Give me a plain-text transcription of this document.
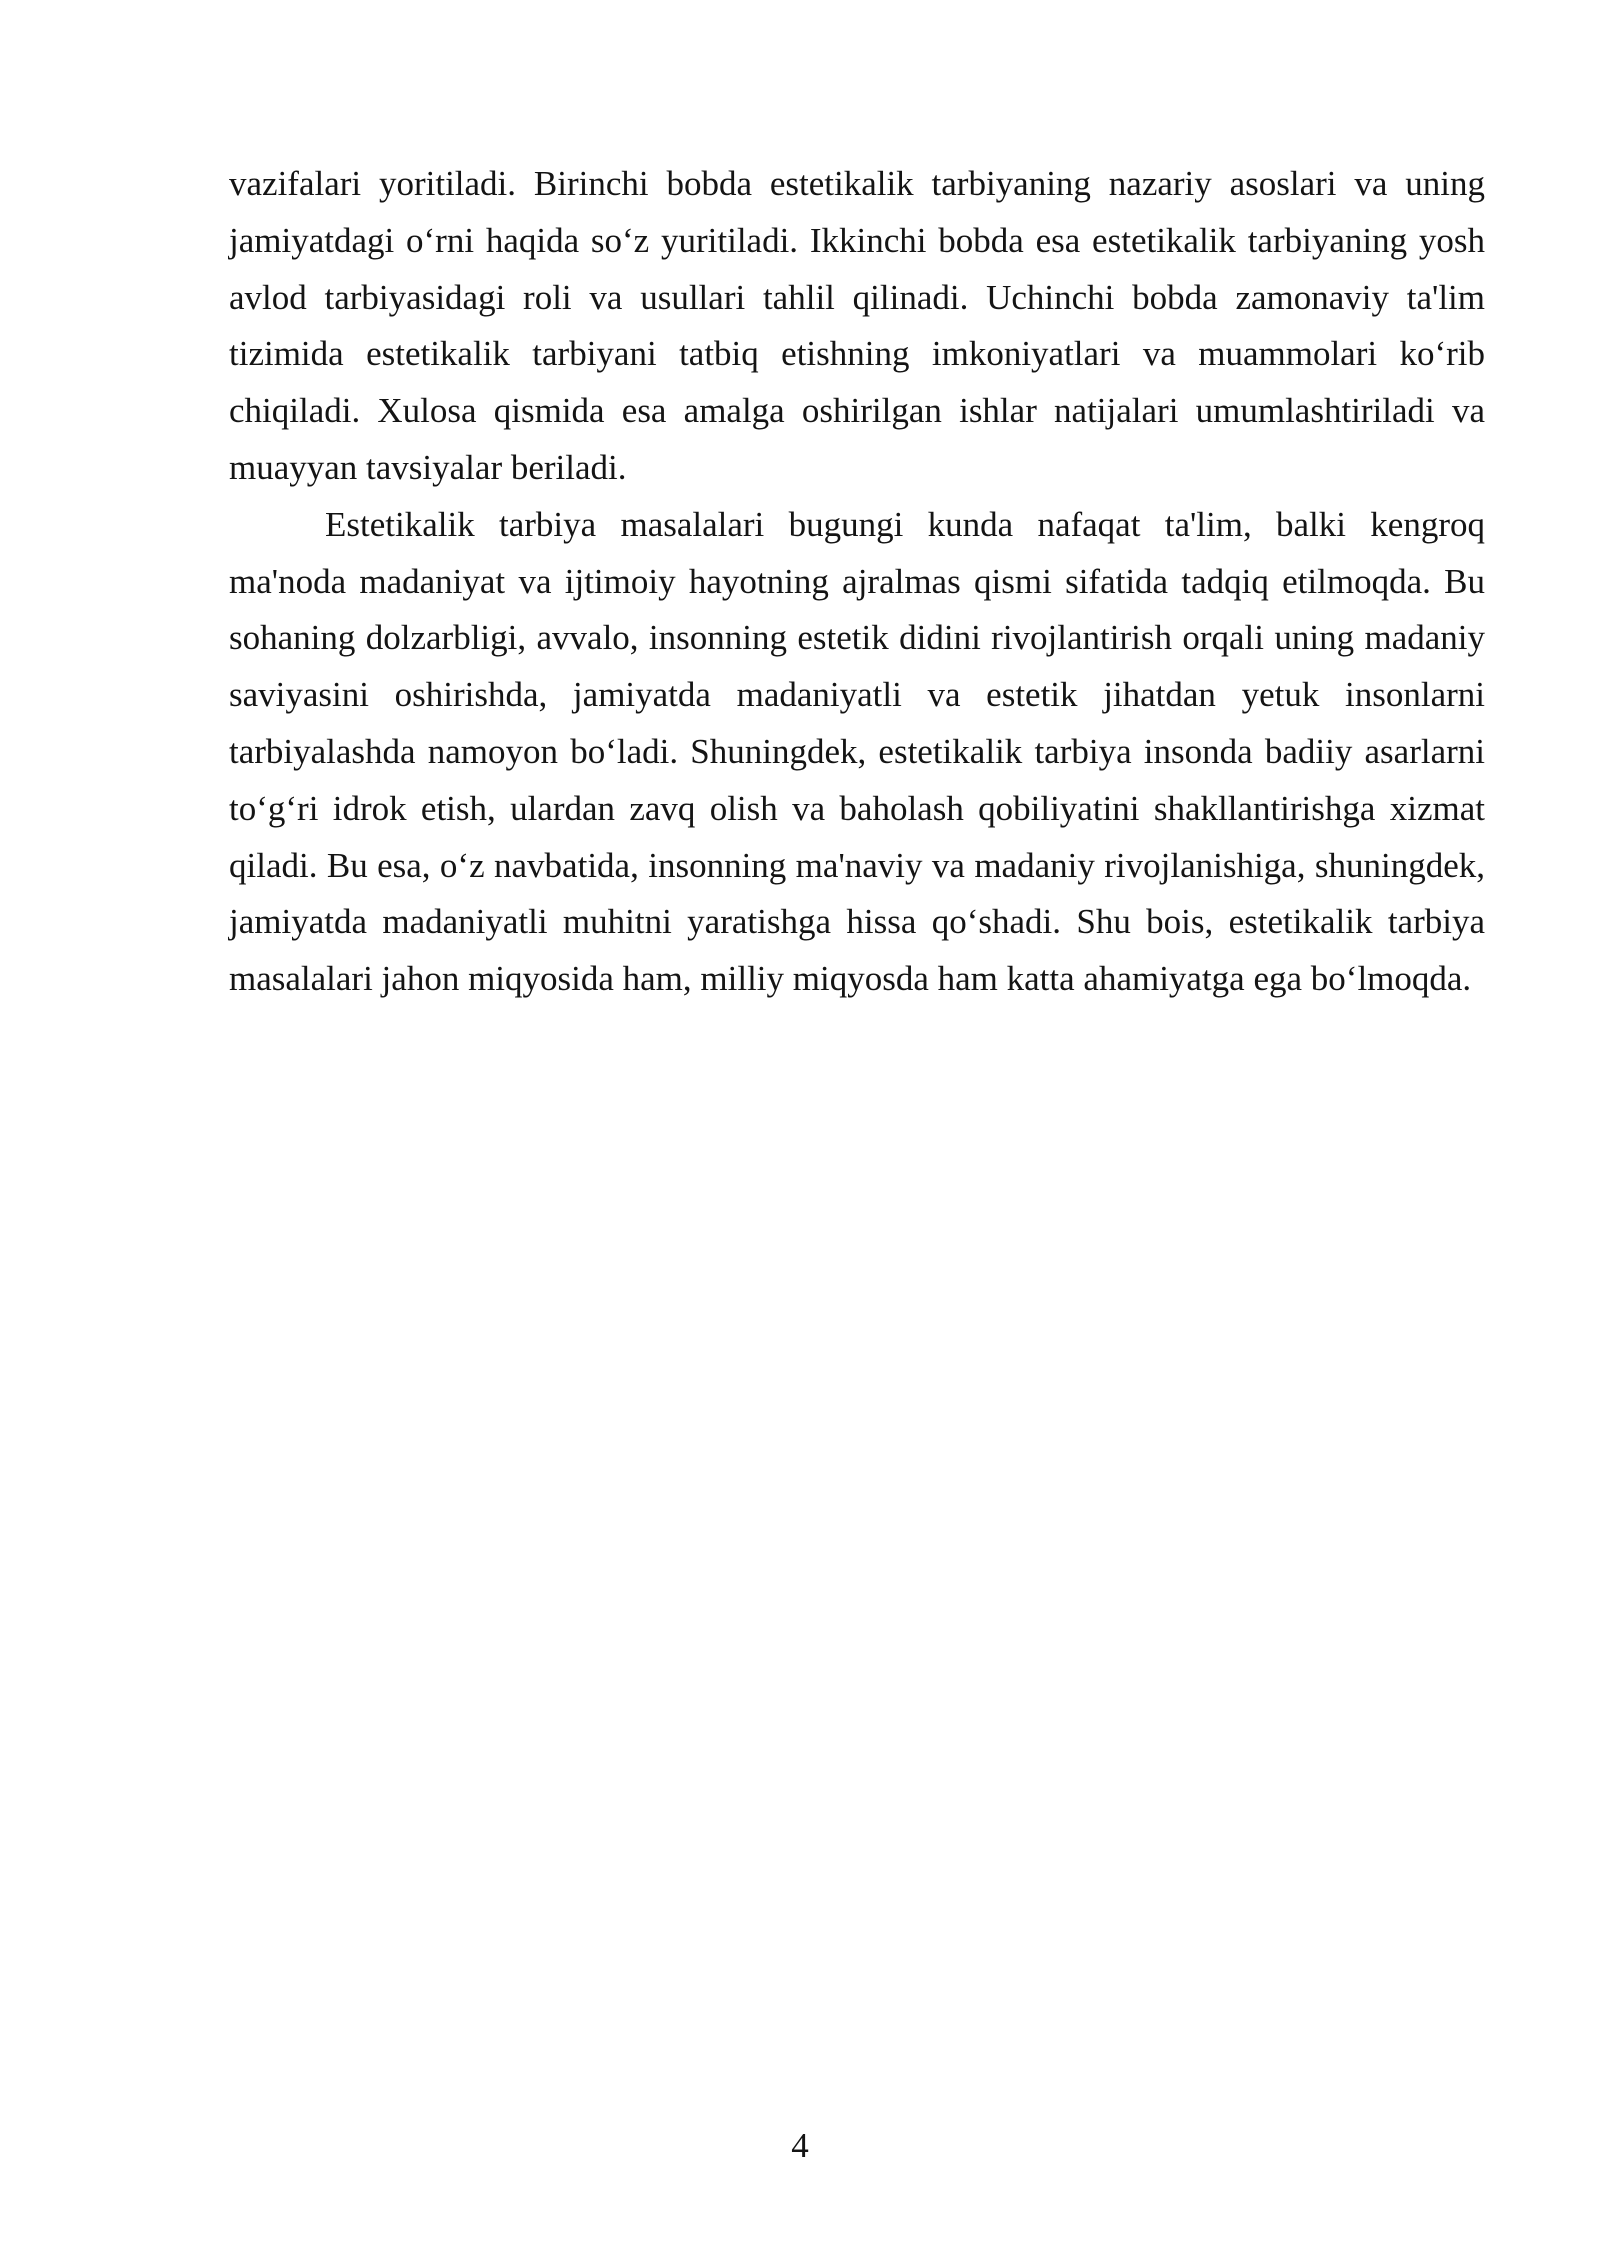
vazifalari yoritiladi. Birinchi bobda estetikalik tarbiyaning nazariy asoslari va uning jamiyatdagi o‘rni haqida so‘z yuritiladi. Ikkinchi bobda esa estetikalik tarbiyaning yosh avlod tarbiyasidagi roli va usullari tahlil qilinadi. Uchinchi bobda zamonaviy ta'lim tizimida estetikalik tarbiyani tatbiq etishning imkoniyatlari va muammolari ko‘rib chiqiladi. Xulosa qismida esa amalga oshirilgan ishlar natijalari umumlashtiriladi va muayyan tavsiyalar beriladi.

Estetikalik tarbiya masalalari bugungi kunda nafaqat ta'lim, balki kengroq ma'noda madaniyat va ijtimoiy hayotning ajralmas qismi sifatida tadqiq etilmoqda. Bu sohaning dolzarbligi, avvalo, insonning estetik didini rivojlantirish orqali uning madaniy saviyasini oshirishda, jamiyatda madaniyatli va estetik jihatdan yetuk insonlarni tarbiyalashda namoyon bo‘ladi. Shuningdek, estetikalik tarbiya insonda badiiy asarlarni to‘g‘ri idrok etish, ulardan zavq olish va baholash qobiliyatini shakllantirishga xizmat qiladi. Bu esa, o‘z navbatida, insonning ma'naviy va madaniy rivojlanishiga, shuningdek, jamiyatda madaniyatli muhitni yaratishga hissa qo‘shadi. Shu bois, estetikalik tarbiya masalalari jahon miqyosida ham, milliy miqyosda ham katta ahamiyatga ega bo‘lmoqda.

4
